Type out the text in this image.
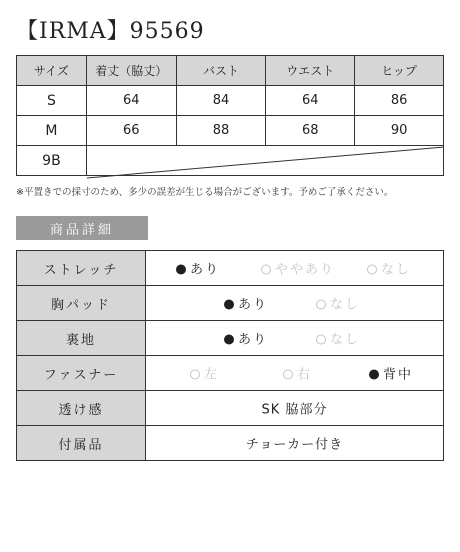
【IRMA】95569
サイズ	着丈（脇丈）	バスト	ウエスト	ヒップ
S	64	84	64	86
M	66	88	68	90
9B				
※平置きでの採寸のため、多少の誤差が生じる場合がございます。予めご了承ください。
商品詳細
ストレッチ	あり ややあり なし

胸パッド	あり なし

裏地	あり なし

ファスナー	左 右 背中

透け感	SK 脇部分

付属品	チョーカー付き
